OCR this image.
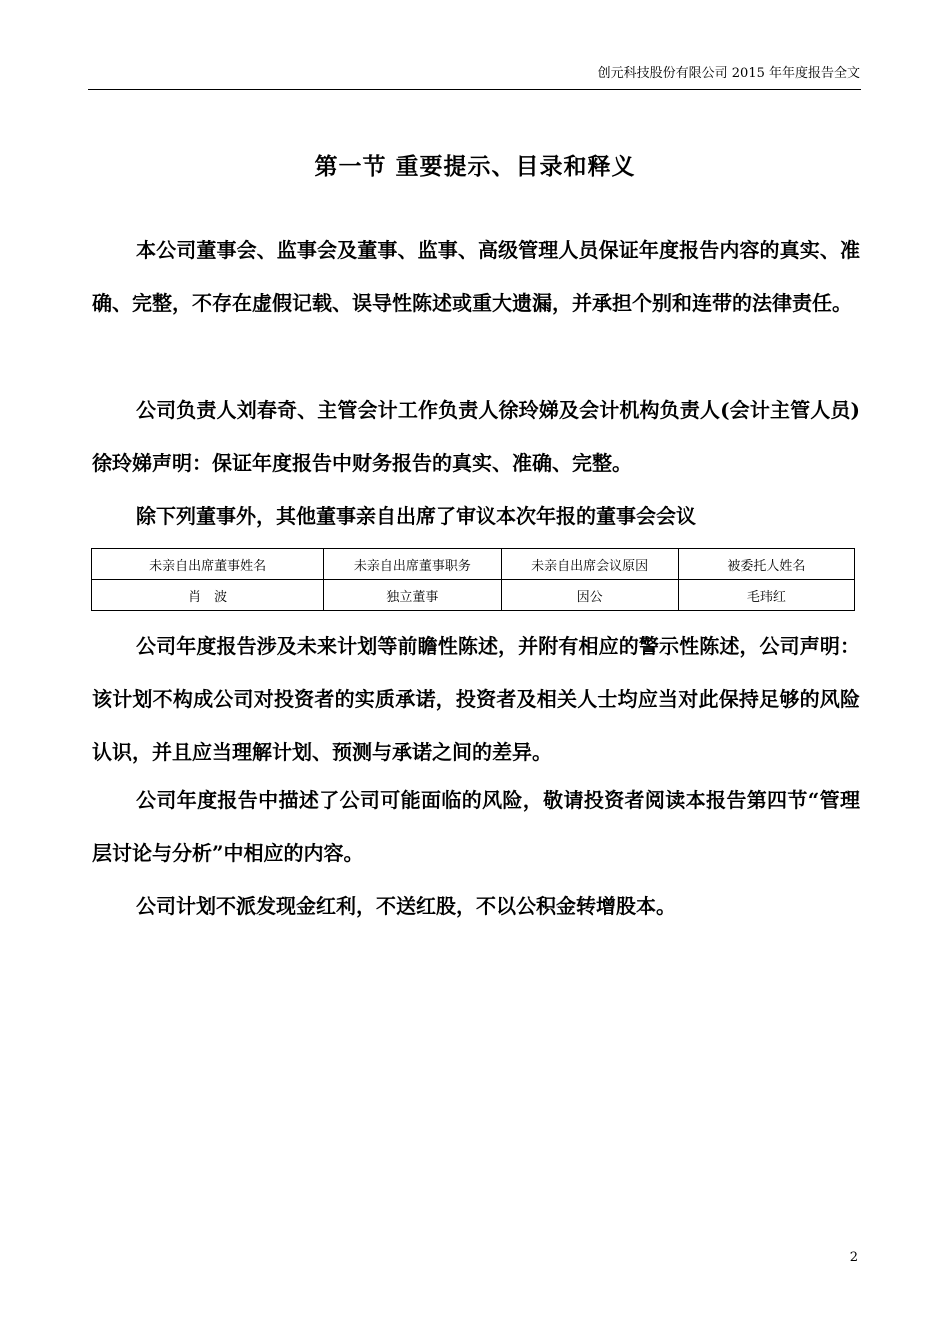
创元科技股份有限公司 2015 年年度报告全文
第一节 重要提示、目录和释义

本公司董事会、监事会及董事、监事、高级管理人员保证年度报告内容的真实、准确、完整，不存在虚假记载、误导性陈述或重大遗漏，并承担个别和连带的法律责任。

公司负责人刘春奇、主管会计工作负责人徐玲娣及会计机构负责人(会计主管人员)徐玲娣声明：保证年度报告中财务报告的真实、准确、完整。

除下列董事外，其他董事亲自出席了审议本次年报的董事会会议

未亲自出席董事姓名	未亲自出席董事职务	未亲自出席会议原因	被委托人姓名
肖　波	独立董事	因公	毛玮红

公司年度报告涉及未来计划等前瞻性陈述，并附有相应的警示性陈述，公司声明：该计划不构成公司对投资者的实质承诺，投资者及相关人士均应当对此保持足够的风险认识，并且应当理解计划、预测与承诺之间的差异。

公司年度报告中描述了公司可能面临的风险，敬请投资者阅读本报告第四节“管理层讨论与分析”中相应的内容。

公司计划不派发现金红利，不送红股，不以公积金转增股本。

2
